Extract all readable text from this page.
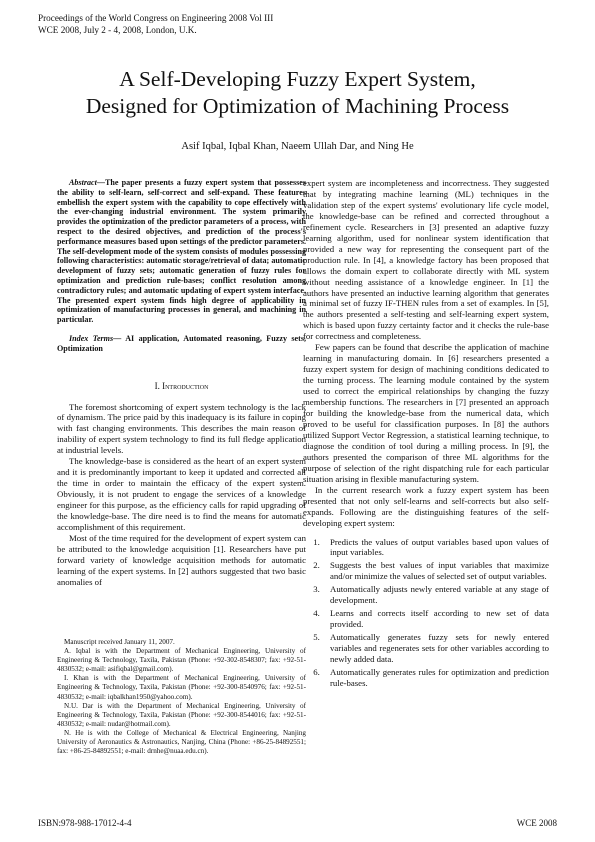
Proceedings of the World Congress on Engineering 2008 Vol III
WCE 2008, July 2 - 4, 2008, London, U.K.
A Self-Developing Fuzzy Expert System,
Designed for Optimization of Machining Process
Asif Iqbal, Iqbal Khan, Naeem Ullah Dar, and Ning He

Abstract—The paper presents a fuzzy expert system that possesses the ability to self-learn, self-correct and self-expand. These features embellish the expert system with the capability to cope effectively with the ever-changing industrial environment. The system primarily provides the optimization of the predictor parameters of a process, with respect to the desired objectives, and prediction of the process's performance measures based upon settings of the predictor parameters. The self-development mode of the system consists of modules possessing following characteristics: automatic storage/retrieval of data; automatic development of fuzzy sets; automatic generation of fuzzy rules for optimization and prediction rule-bases; conflict resolution among contradictory rules; and automatic updating of expert system interface. The presented expert system finds high degree of applicability in optimization of manufacturing processes in general, and machining in particular.

Index Terms— AI application, Automated reasoning, Fuzzy sets, Optimization

I. Introduction

The foremost shortcoming of expert system technology is the lack of dynamism. The price paid by this inadequacy is its failure in coping with fast changing environments. This describes the main reason of inability of expert system technology to find its full fledge application at industrial levels.

The knowledge-base is considered as the heart of an expert system and it is predominantly important to keep it updated and corrected all the time in order to maintain the efficacy of the expert system. Obviously, it is not prudent to engage the services of a knowledge engineer for this purpose, as the efficiency calls for rapid upgrading of the knowledge-base. The dire need is to find the means for automatic accomplishment of this requirement.

Most of the time required for the development of expert system can be attributed to the knowledge acquisition [1]. Researchers have put forward variety of knowledge acquisition methods for automatic learning of the expert systems. In [2] authors suggested that two basic anomalies of

Manuscript received January 11, 2007.

A. Iqbal is with the Department of Mechanical Engineering, University of Engineering & Technology, Taxila, Pakistan (Phone: +92-302-8548307; fax: +92-51-4830532; e-mail: asifiqbal@gmail.com).

I. Khan is with the Department of Mechanical Engineering, University of Engineering & Technology, Taxila, Pakistan (Phone: +92-300-8540976; fax: +92-51-4830532; e-mail: iqbalkhan1950@yahoo.com).

N.U. Dar is with the Department of Mechanical Engineering, University of Engineering & Technology, Taxila, Pakistan (Phone: +92-300-8544016; fax: +92-51-4830532; e-mail: nudar@hotmail.com).

N. He is with the College of Mechanical & Electrical Engineering, Nanjing University of Aeronautics & Astronautics, Nanjing, China (Phone: +86-25-84892551; fax: +86-25-84892551; e-mail: drnhe@nuaa.edu.cn).

expert system are incompleteness and incorrectness. They suggested that by integrating machine learning (ML) techniques in the validation step of the expert systems' evolutionary life cycle model, the knowledge-base can be refined and corrected throughout a refinement cycle. Researchers in [3] presented an adaptive fuzzy learning algorithm, used for nonlinear system identification that provided a new way for representing the consequent part of the production rule. In [4], a knowledge factory has been proposed that allows the domain expert to collaborate directly with ML system without needing assistance of a knowledge engineer. In [1] the authors have presented an inductive learning algorithm that generates a minimal set of fuzzy IF-THEN rules from a set of examples. In [5], the authors presented a self-testing and self-learning expert system, which is based upon fuzzy certainty factor and it checks the rule-base for correctness and completeness.

Few papers can be found that describe the application of machine learning in manufacturing domain. In [6] researchers presented a fuzzy expert system for design of machining conditions dedicated to the turning process. The learning module contained by the system used to correct the empirical relationships by changing the fuzzy membership functions. The researchers in [7] presented an approach for building the knowledge-base from the numerical data, which proved to be useful for classification purposes. In [8] the authors utilized Support Vector Regression, a statistical learning technique, to diagnose the condition of tool during a milling process. In [9], the authors presented the comparison of three ML algorithms for the purpose of selection of the right dispatching rule for each particular situation arising in flexible manufacturing system.

In the current research work a fuzzy expert system has been presented that not only self-learns and self-corrects but also self-expands. Following are the distinguishing features of the self-developing expert system:

1. Predicts the values of output variables based upon values of input variables.
2. Suggests the best values of input variables that maximize and/or minimize the values of selected set of output variables.
3. Automatically adjusts newly entered variable at any stage of development.
4. Learns and corrects itself according to new set of data provided.
5. Automatically generates fuzzy sets for newly entered variables and regenerates sets for other variables according to newly added data.
6. Automatically generates rules for optimization and prediction rule-bases.
ISBN:978-988-17012-4-4	WCE 2008
